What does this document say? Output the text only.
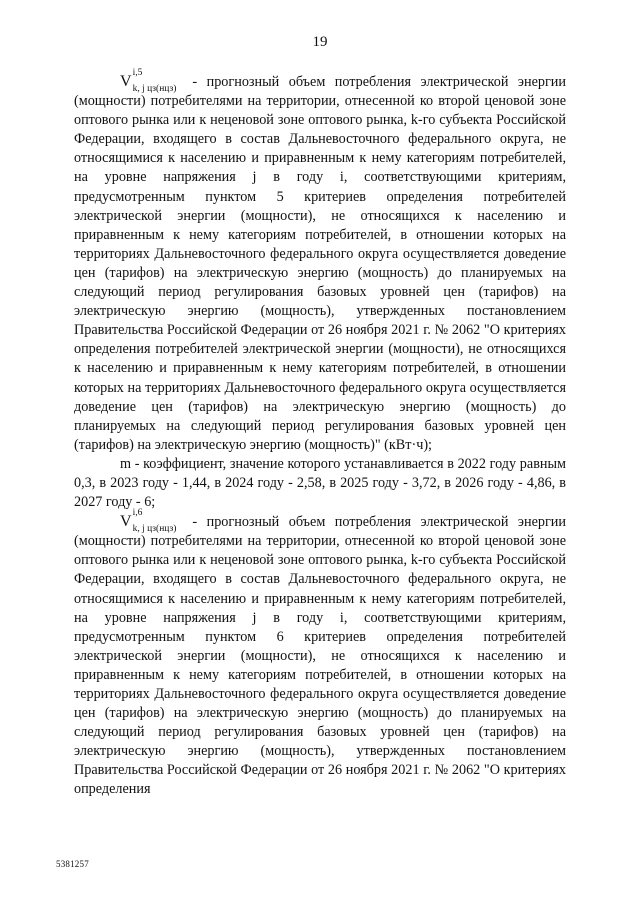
19

V i,5
k, j цз(нцз) - прогнозный объем потребления электрической энергии (мощности) потребителями на территории, отнесенной ко второй ценовой зоне оптового рынка или к неценовой зоне оптового рынка, k-го субъекта Российской Федерации, входящего в состав Дальневосточного федерального округа, не относящимися к населению и приравненным к нему категориям потребителей, на уровне напряжения j в году i, соответствующими критериям, предусмотренным пунктом 5 критериев определения потребителей электрической энергии (мощности), не относящихся к населению и приравненным к нему категориям потребителей, в отношении которых на территориях Дальневосточного федерального округа осуществляется доведение цен (тарифов) на электрическую энергию (мощность) до планируемых на следующий период регулирования базовых уровней цен (тарифов) на электрическую энергию (мощность), утвержденных постановлением Правительства Российской Федерации от 26 ноября 2021 г. № 2062 "О критериях определения потребителей электрической энергии (мощности), не относящихся к населению и приравненным к нему категориям потребителей, в отношении которых на территориях Дальневосточного федерального округа осуществляется доведение цен (тарифов) на электрическую энергию (мощность) до планируемых на следующий период регулирования базовых уровней цен (тарифов) на электрическую энергию (мощность)" (кВт·ч);

m - коэффициент, значение которого устанавливается в 2022 году равным 0,3, в 2023 году - 1,44, в 2024 году - 2,58, в 2025 году - 3,72, в 2026 году - 4,86, в 2027 году - 6;

V i,6
k, j цз(нцз) - прогнозный объем потребления электрической энергии (мощности) потребителями на территории, отнесенной ко второй ценовой зоне оптового рынка или к неценовой зоне оптового рынка, k-го субъекта Российской Федерации, входящего в состав Дальневосточного федерального округа, не относящимися к населению и приравненным к нему категориям потребителей, на уровне напряжения j в году i, соответствующими критериям, предусмотренным пунктом 6 критериев определения потребителей электрической энергии (мощности), не относящихся к населению и приравненным к нему категориям потребителей, в отношении которых на территориях Дальневосточного федерального округа осуществляется доведение цен (тарифов) на электрическую энергию (мощность) до планируемых на следующий период регулирования базовых уровней цен (тарифов) на электрическую энергию (мощность), утвержденных постановлением Правительства Российской Федерации от 26 ноября 2021 г. № 2062 "О критериях определения

5381257
